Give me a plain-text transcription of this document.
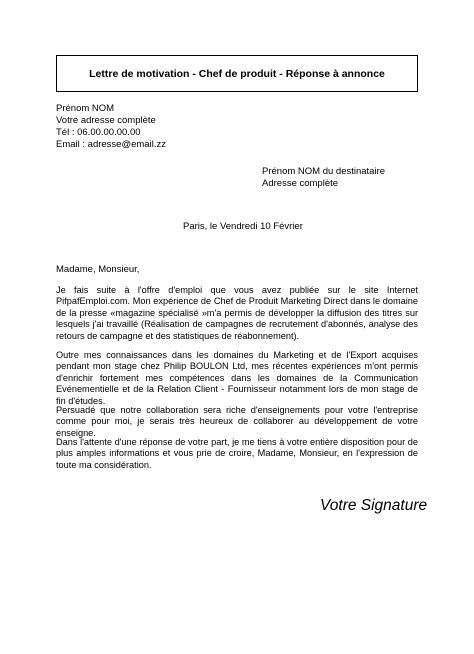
Lettre de motivation - Chef de produit - Réponse à annonce
Prénom NOM
Votre adresse complète
Tél : 06.00.00.00.00
Email : adresse@email.zz
Prénom NOM du destinataire
Adresse complète
Paris, le Vendredi 10 Février
Madame, Monsieur,

Je fais suite à l'offre d'emploi que vous avez publiée sur le site Internet PifpafEmploi.com. Mon expérience de Chef de Produit Marketing Direct dans le domaine de la presse «magazine spécialisé »m'a permis de développer la diffusion des titres sur lesquels j'ai travaillé (Réalisation de campagnes de recrutement d'abonnés, analyse des retours de campagne et des statistiques de réabonnement).

Outre mes connaissances dans les domaines du Marketing et de l'Export acquises pendant mon stage chez Philip BOULON Ltd, mes récentes expériences m'ont permis d'enrichir fortement mes compétences dans les domaines de la Communication Evénementielle et de la Relation Client - Fournisseur notamment lors de mon stage de fin d'études.

Persuadé que notre collaboration sera riche d'enseignements pour votre l'entreprise comme pour moi, je serais très heureux de collaborer au développement de votre enseigne.

Dans l'attente d'une réponse de votre part, je me tiens à votre entière disposition pour de plus amples informations et vous prie de croire, Madame, Monsieur, en l'expression de toute ma considération.

Votre Signature
